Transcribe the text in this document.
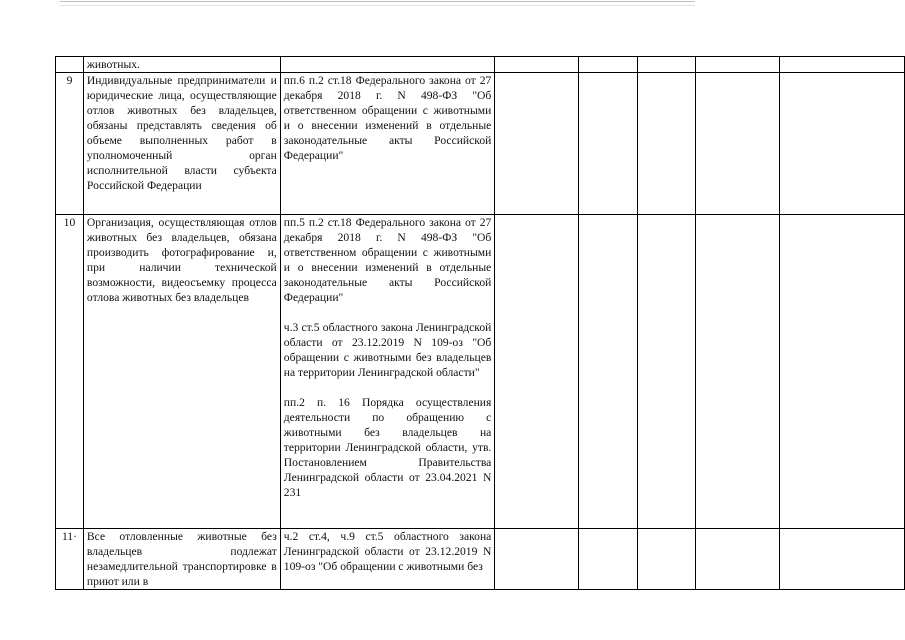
	животных.						

9	Индивидуальные предприниматели и юридические лица, осуществляющие отлов животных без владельцев, обязаны представлять сведения об объеме выполненных работ в уполномоченный орган исполнительной власти субъекта Российской Федерации	пп.6 п.2 ст.18 Федерального закона от 27 декабря 2018 г. N 498-ФЗ "Об ответственном обращении с животными и о внесении изменений в отдельные законодательные акты Российской Федерации"					

10	Организация, осуществляющая отлов животных без владельцев, обязана производить фотографирование и, при наличии технической возможности, видеосъемку процесса отлова животных без владельцев	пп.5 п.2 ст.18 Федерального закона от 27 декабря 2018 г. N 498-ФЗ "Об ответственном обращении с животными и о внесении изменений в отдельные законодательные акты Российской Федерации"
ч.3 ст.5 областного закона Ленинградской области от 23.12.2019 N 109-оз "Об обращении с животными без владельцев на территории Ленинградской области"
пп.2 п. 16 Порядка осуществления деятельности по обращению с животными без владельцев на территории Ленинградской области, утв. Постановлением Правительства Ленинградской области от 23.04.2021 N 231					

11·	Все отловленные животные без владельцев подлежат незамедлительной транспортировке в приют или в	ч.2 ст.4, ч.9 ст.5 областного закона Ленинградской области от 23.12.2019 N 109-оз "Об обращении с животными без					
